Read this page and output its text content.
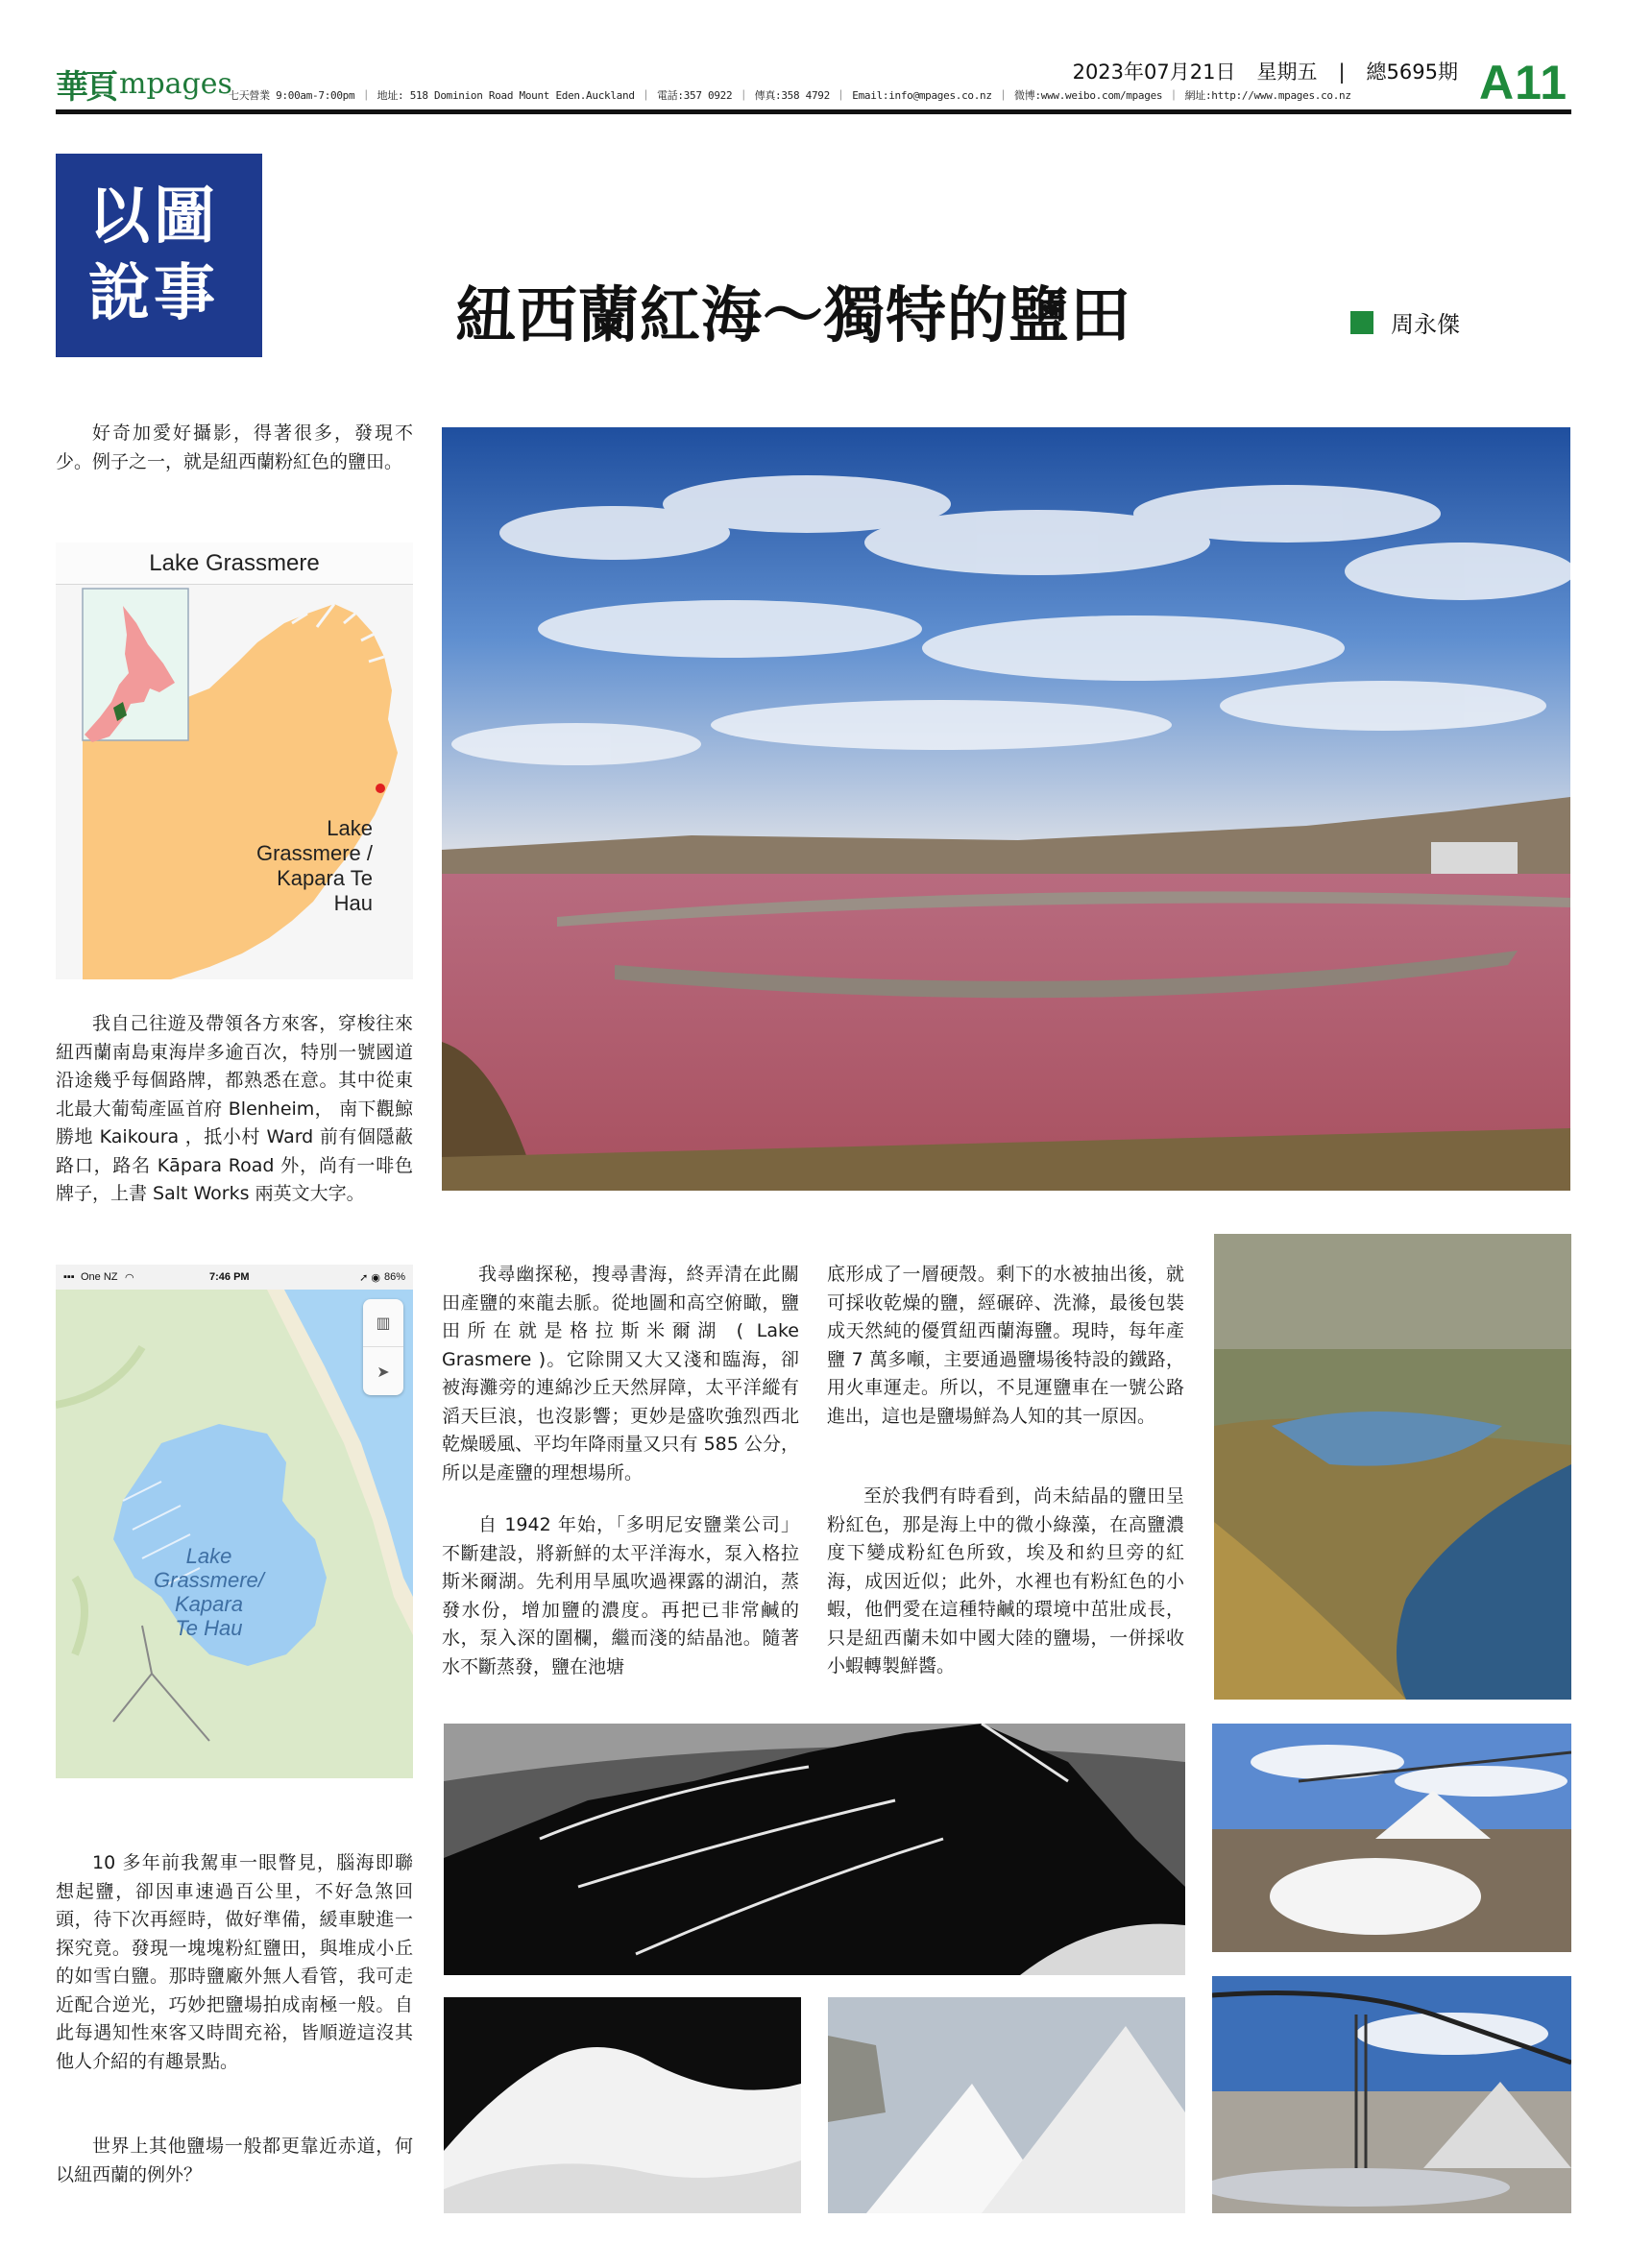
華頁 mpages
七天營業 9:00am-7:00pm ｜ 地址: 518 Dominion Road Mount Eden.Auckland ｜ 電話:357 0922 ｜ 傳真:358 4792 ｜ Email:info@mpages.co.nz ｜ 微博:www.weibo.com/mpages ｜ 網址:http://www.mpages.co.nz
2023年07月21日 星期五 | 總5695期 A11
以圖
說事	紐西蘭紅海～獨特的鹽田	周永傑

好奇加愛好攝影，得著很多，發現不少。例子之一，就是紐西蘭粉紅色的鹽田。

我自己往遊及帶領各方來客，穿梭往來紐西蘭南島東海岸多逾百次，特別一號國道沿途幾乎每個路牌，都熟悉在意。其中從東北最大葡萄產區首府 Blenheim， 南下觀鯨勝地 Kaikoura ，抵小村 Ward 前有個隱蔽路口，路名 Kāpara Road 外，尚有一啡色牌子，上書 Salt Works 兩英文大字。

10 多年前我駕車一眼瞥見，腦海即聯想起鹽，卻因車速過百公里，不好急煞回頭，待下次再經時，做好準備，緩車駛進一探究竟。發現一塊塊粉紅鹽田，與堆成小丘的如雪白鹽。那時鹽廠外無人看管，我可走近配合逆光，巧妙把鹽場拍成南極一般。自此每遇知性來客又時間充裕，皆順遊這沒其他人介紹的有趣景點。

世界上其他鹽場一般都更靠近赤道，何以紐西蘭的例外？

我尋幽探秘，搜尋書海，終弄清在此關田產鹽的來龍去脈。從地圖和高空俯瞰，鹽田所在就是格拉斯米爾湖 ( Lake Grasmere )。它除開又大又淺和臨海，卻被海灘旁的連綿沙丘天然屏障，太平洋縱有滔天巨浪，也沒影響；更妙是盛吹強烈西北乾燥暖風、平均年降雨量又只有 585 公分，所以是產鹽的理想場所。

自 1942 年始，「多明尼安鹽業公司」不斷建設，將新鮮的太平洋海水，泵入格拉斯米爾湖。先利用旱風吹過裸露的湖泊，蒸發水份，增加鹽的濃度。再把已非常鹹的水，泵入深的圍欄，繼而淺的結晶池。隨著水不斷蒸發，鹽在池塘

底形成了一層硬殼。剩下的水被抽出後，就可採收乾燥的鹽，經碾碎、洗滌，最後包裝成天然純的優質紐西蘭海鹽。現時，每年產鹽 7 萬多噸，主要通過鹽場後特設的鐵路，用火車運走。所以，不見運鹽車在一號公路進出，這也是鹽場鮮為人知的其一原因。

至於我們有時看到，尚未結晶的鹽田呈粉紅色，那是海上中的微小綠藻，在高鹽濃度下變成粉紅色所致，埃及和約旦旁的紅海，成因近似；此外，水裡也有粉紅色的小蝦，他們愛在這種特鹹的環境中茁壯成長，只是紐西蘭未如中國大陸的鹽場，一併採收小蝦轉製鮮醬。

Lake Grassmere
Lake
Grassmere /
Kapara Te
Hau
▪▪▪ One NZ ◠	7:46 PM	➚ ◉ 86%
▥
➤
Lake
Grassmere/
Kapara
Te Hau
